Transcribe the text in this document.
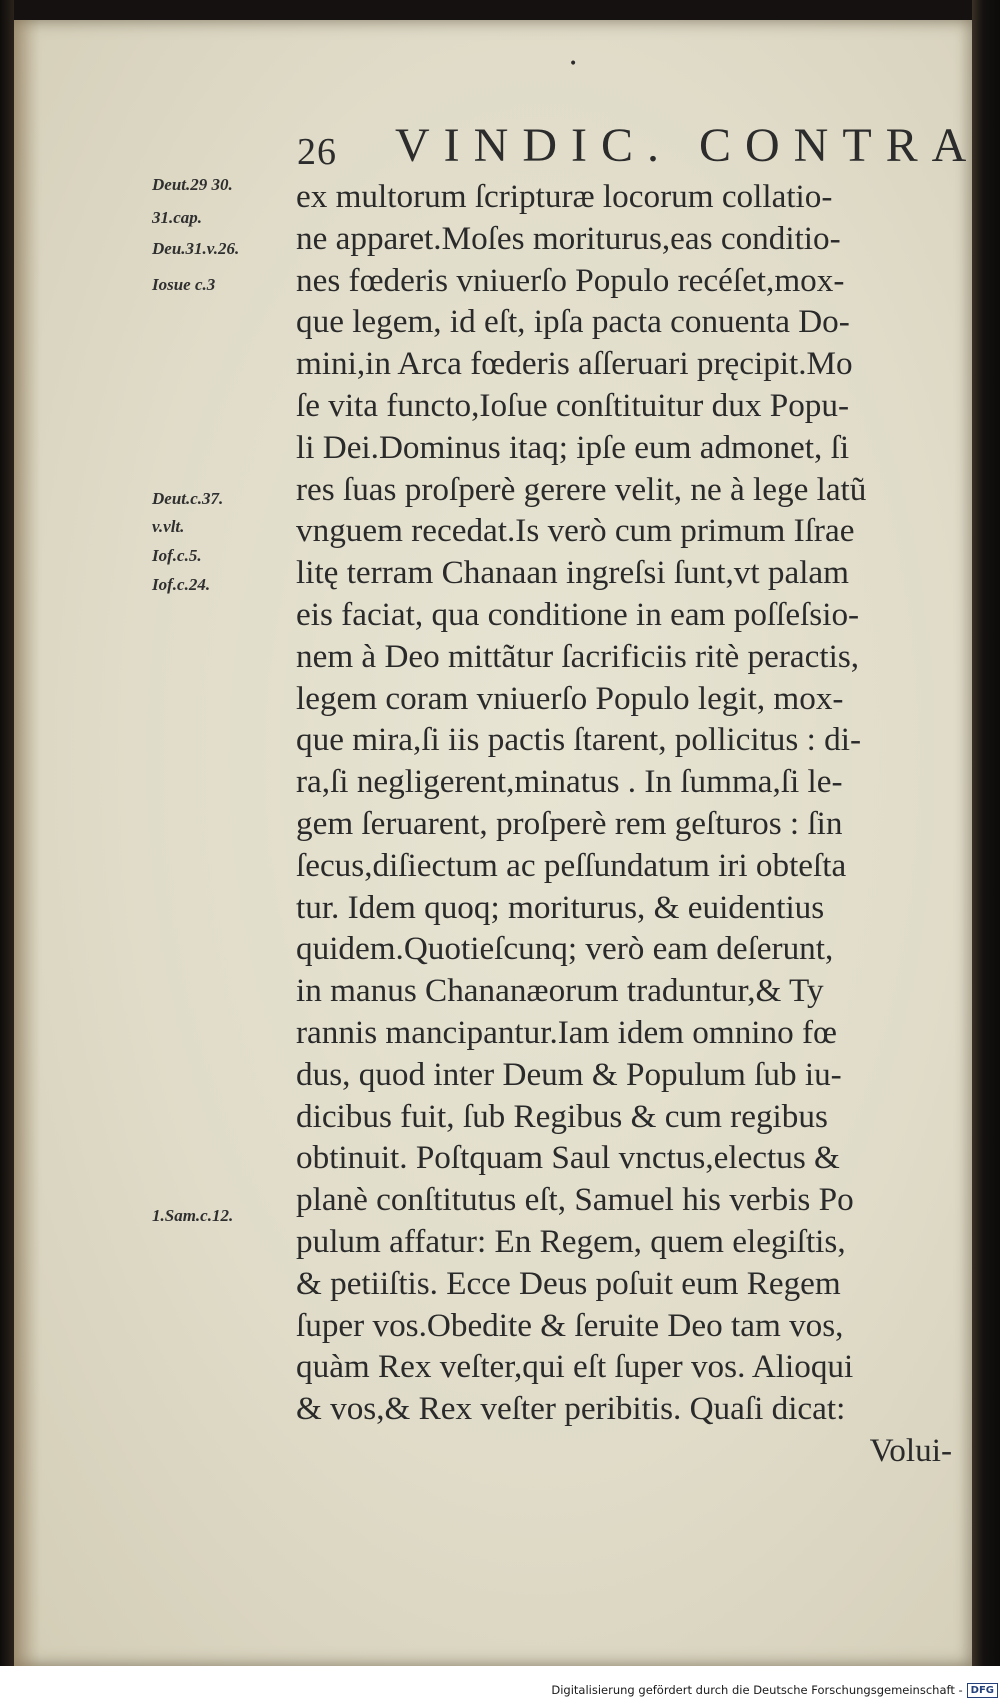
•
26 VINDIC. CONTRA
Deut.29 30.
31.cap.
Deu.31.v.26.
Iosue c.3
Deut.c.37.
v.vlt.
Iof.c.5.
Iof.c.24.
1.Sam.c.12.
ex multorum ſcripturæ locorum collatio-
ne apparet.Moſes moriturus,eas conditio-
nes fœderis vniuerſo Populo recéſet,mox-
que legem, id eſt, ipſa pacta conuenta Do-
mini,in Arca fœderis aſſeruari pręcipit.Mo
ſe vita functo,Ioſue conſtituitur dux Popu-
li Dei.Dominus itaq; ipſe eum admonet, ſi
res ſuas proſperè gerere velit, ne à lege latũ
vnguem recedat.Is verò cum primum Iſrae
litę terram Chanaan ingreſsi ſunt,vt palam
eis faciat, qua conditione in eam poſſeſsio-
nem à Deo mittãtur ſacrificiis ritè peractis,
legem coram vniuerſo Populo legit, mox-
que mira,ſi iis pactis ſtarent, pollicitus : di-
ra,ſi negligerent,minatus . In ſumma,ſi le-
gem ſeruarent, proſperè rem geſturos : ſin
ſecus,diſiectum ac peſſundatum iri obteſta
tur. Idem quoq; moriturus, & euidentius
quidem.Quotieſcunq; verò eam deſerunt,
in manus Chananæorum traduntur,& Ty
rannis mancipantur.Iam idem omnino fœ
dus, quod inter Deum & Populum ſub iu-
dicibus fuit, ſub Regibus & cum regibus
obtinuit. Poſtquam Saul vnctus,electus &
planè conſtitutus eſt, Samuel his verbis Po
pulum affatur: En Regem, quem elegiſtis,
& petiiſtis. Ecce Deus poſuit eum Regem
ſuper vos.Obedite & ſeruite Deo tam vos,
quàm Rex veſter,qui eſt ſuper vos. Alioqui
& vos,& Rex veſter peribitis. Quaſi dicat:
Volui-
Digitalisierung gefördert durch die Deutsche Forschungsgemeinschaft - DFG
